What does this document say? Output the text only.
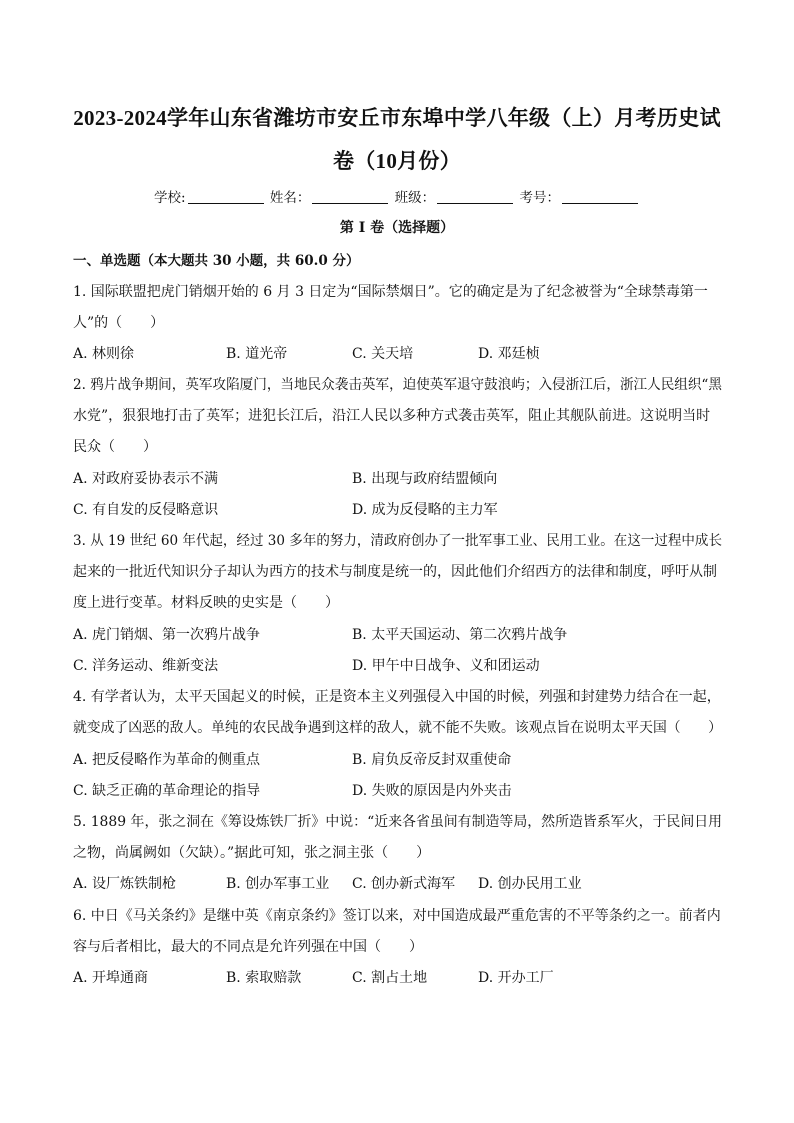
2023-2024学年山东省潍坊市安丘市东埠中学八年级（上）月考历史试
卷（10月份）
学校:	姓名：	班级：	考号：
第 I 卷（选择题）
一、单选题（本大题共 30 小题，共 60.0 分）
1. 国际联盟把虎门销烟开始的 6 月 3 日定为“国际禁烟日”。它的确定是为了纪念被誉为“全球禁毒第一
人”的（　　）
A. 林则徐	B. 道光帝	C. 关天培	D. 邓廷桢
2. 鸦片战争期间，英军攻陷厦门，当地民众袭击英军，迫使英军退守鼓浪屿；入侵浙江后，浙江人民组织“黑
水党”，狠狠地打击了英军；进犯长江后，沿江人民以多种方式袭击英军，阻止其舰队前进。这说明当时
民众（　　）
A. 对政府妥协表示不满	B. 出现与政府结盟倾向
C. 有自发的反侵略意识	D. 成为反侵略的主力军
3. 从 19 世纪 60 年代起，经过 30 多年的努力，清政府创办了一批军事工业、民用工业。在这一过程中成长
起来的一批近代知识分子却认为西方的技术与制度是统一的，因此他们介绍西方的法律和制度，呼吁从制
度上进行变革。材料反映的史实是（　　）
A. 虎门销烟、第一次鸦片战争	B. 太平天国运动、第二次鸦片战争
C. 洋务运动、维新变法	D. 甲午中日战争、义和团运动
4. 有学者认为，太平天国起义的时候，正是资本主义列强侵入中国的时候，列强和封建势力结合在一起，
就变成了凶恶的敌人。单纯的农民战争遇到这样的敌人，就不能不失败。该观点旨在说明太平天国（　　）
A. 把反侵略作为革命的侧重点	B. 肩负反帝反封双重使命
C. 缺乏正确的革命理论的指导	D. 失败的原因是内外夹击
5. 1889 年，张之洞在《筹设炼铁厂折》中说：“近来各省虽间有制造等局，然所造皆系军火，于民间日用
之物，尚属阙如（欠缺）。”据此可知，张之洞主张（　　）
A. 设厂炼铁制枪	B. 创办军事工业 C. 创办新式海军 D. 创办民用工业
6. 中日《马关条约》是继中英《南京条约》签订以来，对中国造成最严重危害的不平等条约之一。前者内
容与后者相比，最大的不同点是允许列强在中国（　　）
A. 开埠通商	B. 索取赔款	C. 割占土地	D. 开办工厂
